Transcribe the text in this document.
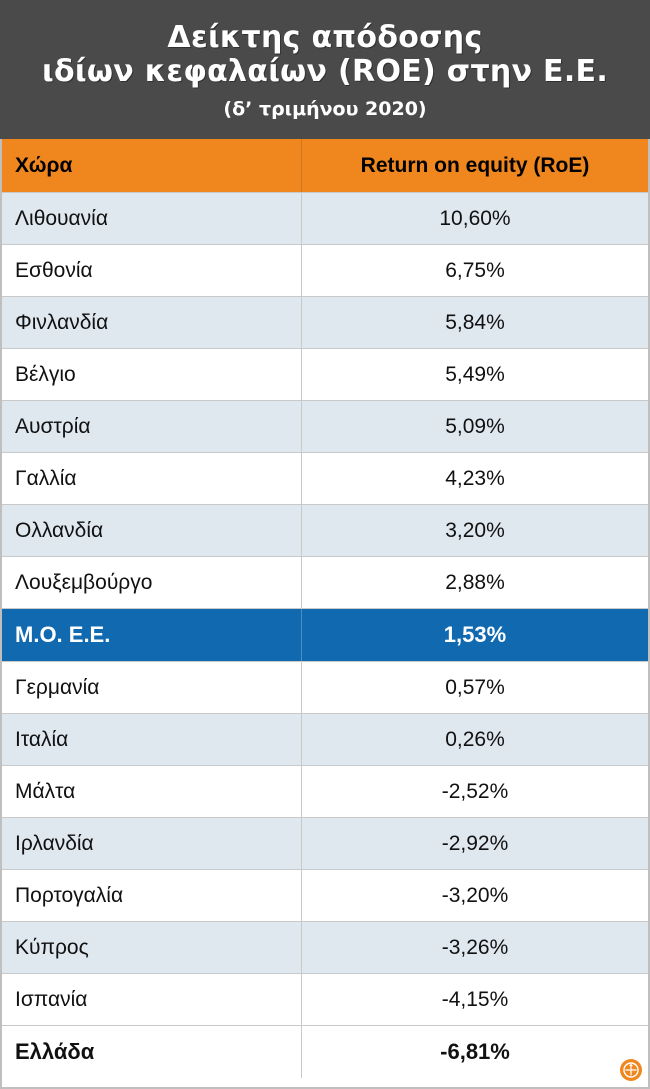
Δείκτης απόδοσης
ιδίων κεφαλαίων (ROE) στην Ε.Ε.
(δ’ τριμήνου 2020)
Χώρα	Return on equity (RoE)
Λιθουανία	10,60%
Εσθονία	6,75%
Φινλανδία	5,84%
Βέλγιο	5,49%
Αυστρία	5,09%
Γαλλία	4,23%
Ολλανδία	3,20%
Λουξεμβούργο	2,88%
Μ.Ο. Ε.Ε.	1,53%
Γερμανία	0,57%
Ιταλία	0,26%
Μάλτα	-2,52%
Ιρλανδία	-2,92%
Πορτογαλία	-3,20%
Κύπρος	-3,26%
Ισπανία	-4,15%
Ελλάδα	-6,81%
